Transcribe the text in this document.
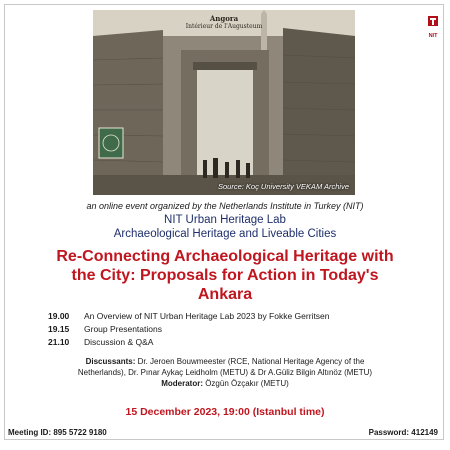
Angora
Intérieur de l'Augusteum
Source: Koç University VEKAM Archive
NIT
an online event organized by the Netherlands Institute in Turkey (NIT)
NIT Urban Heritage Lab
Archaeological Heritage and Liveable Cities
Re-Connecting Archaeological Heritage with
the City: Proposals for Action in Today's
Ankara
19.00 An Overview of NIT Urban Heritage Lab 2023 by Fokke Gerritsen
19.15 Group Presentations
21.10 Discussion & Q&A
Discussants: Dr. Jeroen Bouwmeester (RCE, National Heritage Agency of the
Netherlands), Dr. Pınar Aykaç Leidholm (METU) & Dr A.Güliz Bilgin Altınöz (METU)
Moderator: Özgün Özçakır (METU)
15 December 2023, 19:00 (Istanbul time)
Meeting ID: 895 5722 9180	Password: 412149
